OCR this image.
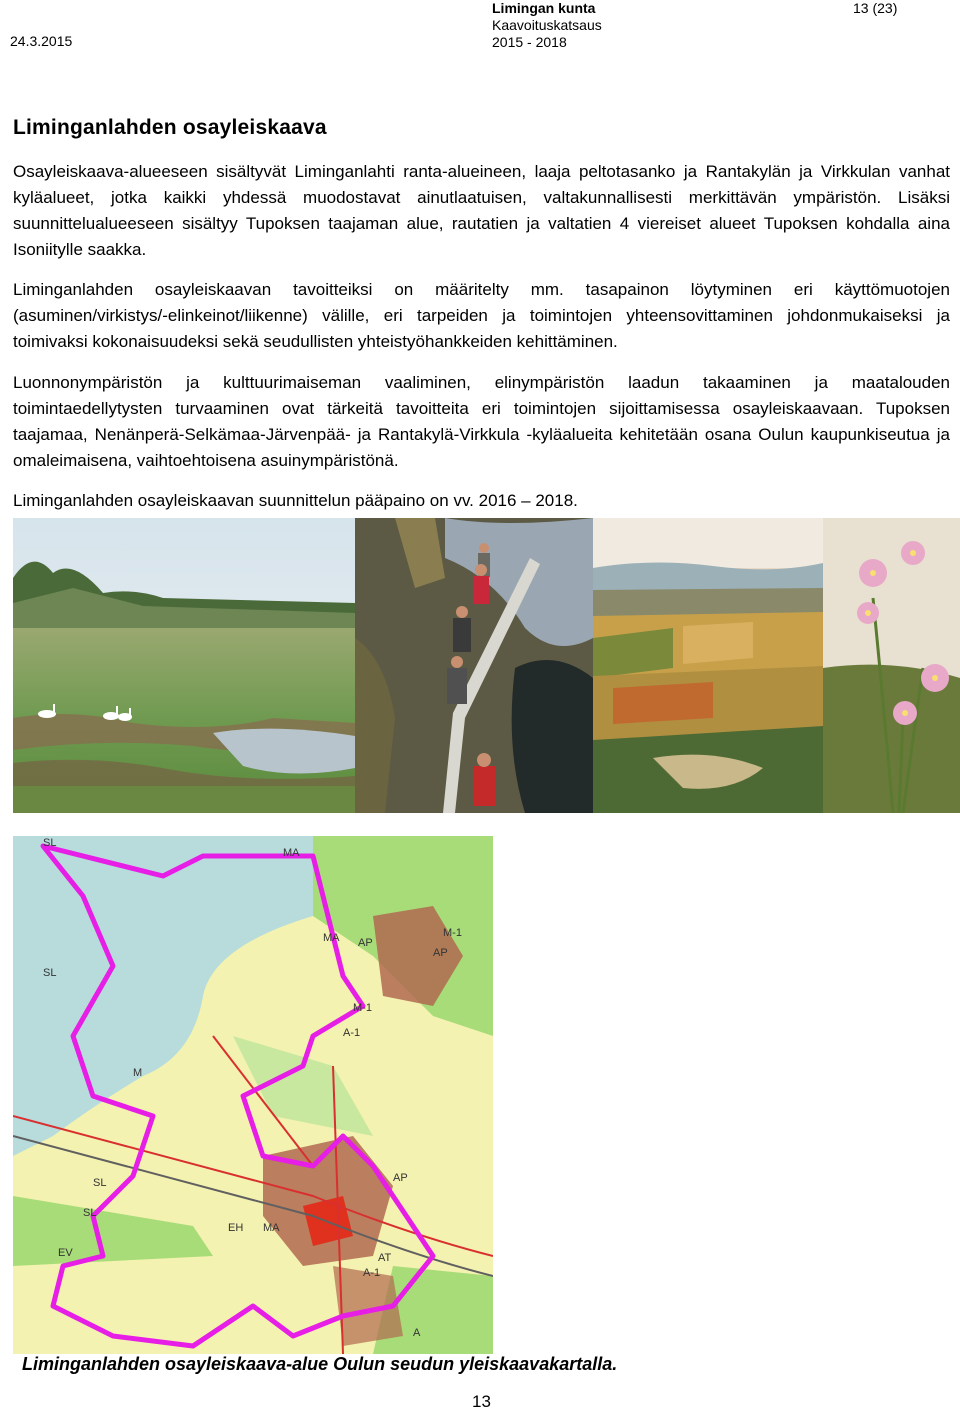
24.3.2015
Limingan kunta
Kaavoituskatsaus
2015 - 2018
13 (23)
Liminganlahden osayleiskaava

Osayleiskaava-alueeseen sisältyvät Liminganlahti ranta-alueineen, laaja peltotasanko ja Rantakylän ja Virkkulan vanhat kyläalueet, jotka kaikki yhdessä muodostavat ainutlaatuisen, valtakunnallisesti merkittävän ympäristön. Lisäksi suunnittelualueeseen sisältyy Tupoksen taajaman alue, rautatien ja valtatien 4 viereiset alueet Tupoksen kohdalla aina Isoniitylle saakka.

Liminganlahden osayleiskaavan tavoitteiksi on määritelty mm. tasapainon löytyminen eri käyttömuotojen (asuminen/virkistys/-elinkeinot/liikenne) välille, eri tarpeiden ja toimintojen yhteensovittaminen johdonmukaiseksi ja toimivaksi kokonaisuudeksi sekä seudullisten yhteistyöhankkeiden kehittäminen.

Luonnonympäristön ja kulttuurimaiseman vaaliminen, elinympäristön laadun takaaminen ja maatalouden toimintaedellytysten turvaaminen ovat tärkeitä tavoitteita eri toimintojen sijoittamisessa osayleiskaavaan. Tupoksen taajamaa, Nenänperä-Selkämaa-Järvenpää- ja Rantakylä-Virkkula -kyläalueita kehitetään osana Oulun kaupunkiseutua ja omaleimaisena, vaihtoehtoisena asuinympäristönä.

Liminganlahden osayleiskaavan suunnittelun pääpaino on vv. 2016 – 2018.

SL
SL
SL
M
MA
MA AP
AP
A-1
M-1
M-1
EH
A-1
SL
MA
AT
EV
AP
A
Liminganlahden osayleiskaava-alue Oulun seudun yleiskaavakartalla.
13
